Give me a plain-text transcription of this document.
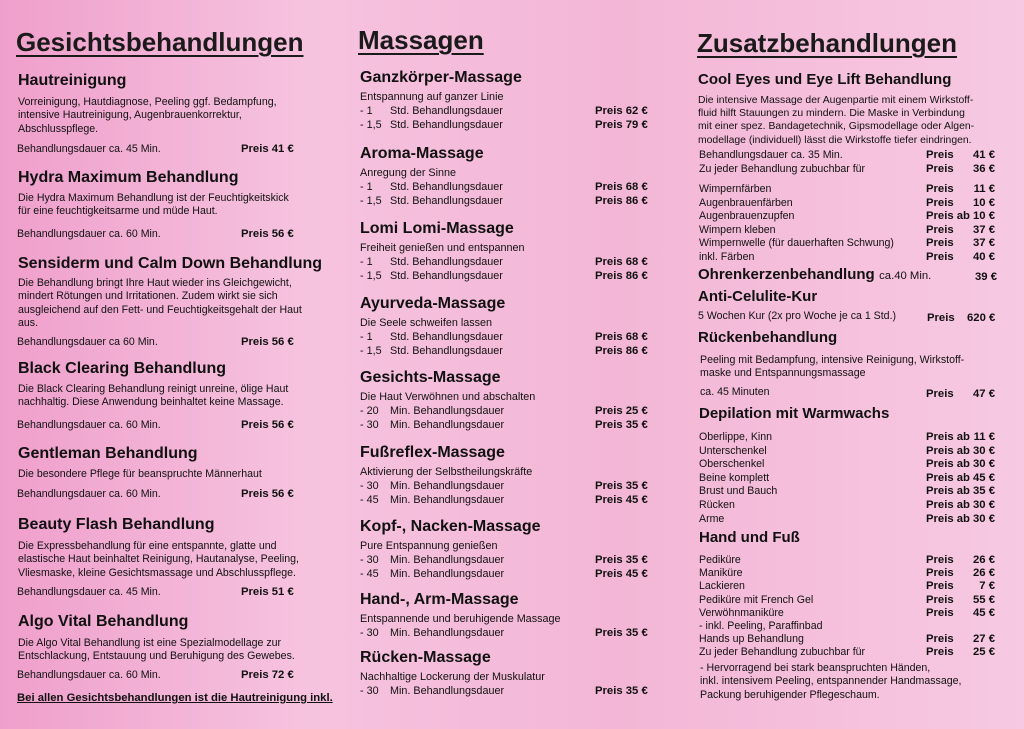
Gesichtsbehandlungen
Hautreinigung
Vorreinigung, Hautdiagnose, Peeling ggf. Bedampfung,
intensive Hautreinigung, Augenbrauenkorrektur,
Abschlusspflege.
Behandlungsdauer ca. 45 Min.	Preis 41 €
Hydra Maximum Behandlung
Die Hydra Maximum Behandlung ist der Feuchtigkeitskick
für eine feuchtigkeitsarme und müde Haut.
Behandlungsdauer ca. 60 Min.	Preis 56 €
Sensiderm und Calm Down Behandlung
Die Behandlung bringt Ihre Haut wieder ins Gleichgewicht,
mindert Rötungen und Irritationen. Zudem wirkt sie sich
ausgleichend auf den Fett- und Feuchtigkeitsgehalt der Haut
aus.
Behandlungsdauer ca 60 Min.	Preis 56 €
Black Clearing Behandlung
Die Black Clearing Behandlung reinigt unreine, ölige Haut
nachhaltig. Diese Anwendung beinhaltet keine Massage.
Behandlungsdauer ca. 60 Min.	Preis 56 €
Gentleman Behandlung
Die besondere Pflege für beanspruchte Männerhaut
Behandlungsdauer ca. 60 Min.	Preis 56 €
Beauty Flash Behandlung
Die Expressbehandlung für eine entspannte, glatte und
elastische Haut beinhaltet Reinigung, Hautanalyse, Peeling,
Vliesmaske, kleine Gesichtsmassage und Abschlusspflege.
Behandlungsdauer ca. 45 Min.	Preis 51 €
Algo Vital Behandlung
Die Algo Vital Behandlung ist eine Spezialmodellage zur
Entschlackung, Entstauung und Beruhigung des Gewebes.
Behandlungsdauer ca. 60 Min.	Preis 72 €
Bei allen Gesichtsbehandlungen ist die Hautreinigung inkl.
Massagen
Ganzkörper-Massage
Entspannung auf ganzer Linie
- 1 Std. Behandlungsdauer	Preis 62 €
- 1,5 Std. Behandlungsdauer	Preis 79 €
Aroma-Massage
Anregung der Sinne
- 1 Std. Behandlungsdauer	Preis 68 €
- 1,5 Std. Behandlungsdauer	Preis 86 €
Lomi Lomi-Massage
Freiheit genießen und entspannen
- 1 Std. Behandlungsdauer	Preis 68 €
- 1,5 Std. Behandlungsdauer	Preis 86 €
Ayurveda-Massage
Die Seele schweifen lassen
- 1 Std. Behandlungsdauer	Preis 68 €
- 1,5 Std. Behandlungsdauer	Preis 86 €
Gesichts-Massage
Die Haut Verwöhnen und abschalten
- 20 Min. Behandlungsdauer	Preis 25 €
- 30 Min. Behandlungsdauer	Preis 35 €
Fußreflex-Massage
Aktivierung der Selbstheilungskräfte
- 30 Min. Behandlungsdauer	Preis 35 €
- 45 Min. Behandlungsdauer	Preis 45 €
Kopf-, Nacken-Massage
Pure Entspannung genießen
- 30 Min. Behandlungsdauer	Preis 35 €
- 45 Min. Behandlungsdauer	Preis 45 €
Hand-, Arm-Massage
Entspannende und beruhigende Massage
- 30 Min. Behandlungsdauer	Preis 35 €
Rücken-Massage
Nachhaltige Lockerung der Muskulatur
- 30 Min. Behandlungsdauer	Preis 35 €
Zusatzbehandlungen
Cool Eyes und Eye Lift Behandlung
Die intensive Massage der Augenpartie mit einem Wirkstoff-
fluid hilft Stauungen zu mindern. Die Maske in Verbindung
mit einer spez. Bandagetechnik, Gipsmodellage oder Algen-
modellage (individuell) lässt die Wirkstoffe tiefer eindringen.
Behandlungsdauer ca. 35 Min.	Preis	41 €
Zu jeder Behandlung zubuchbar für	Preis	36 €
Wimpernfärben	Preis	11 €
Augenbrauenfärben	Preis	10 €
Augenbrauenzupfen	Preis ab 10 €
Wimpern kleben	Preis	37 €
Wimpernwelle (für dauerhaften Schwung)	Preis	37 €
inkl. Färben	Preis	40 €
Ohrenkerzenbehandlung ca.40 Min.	39 €
Anti-Celulite-Kur
5 Wochen Kur (2x pro Woche je ca 1 Std.)	Preis 620 €
Rückenbehandlung
Peeling mit Bedampfung, intensive Reinigung, Wirkstoff-
maske und Entspannungsmassage
ca. 45 Minuten	Preis 47 €
Depilation mit Warmwachs
Oberlippe, Kinn	Preis ab 11 €
Unterschenkel	Preis ab 30 €
Oberschenkel	Preis ab 30 €
Beine komplett	Preis ab 45 €
Brust und Bauch	Preis ab 35 €
Rücken	Preis ab 30 €
Arme	Preis ab 30 €
Hand und Fuß
Pediküre	Preis	26 €
Maniküre	Preis	26 €
Lackieren	Preis	7 €
Pediküre mit French Gel	Preis	55 €
Verwöhnmaniküre	Preis	45 €
- inkl. Peeling, Paraffinbad
Hands up Behandlung	Preis	27 €
Zu jeder Behandlung zubuchbar für	Preis	25 €
- Hervorragend bei stark beanspruchten Händen,
inkl. intensivem Peeling, entspannender Handmassage,
Packung beruhigender Pflegeschaum.
